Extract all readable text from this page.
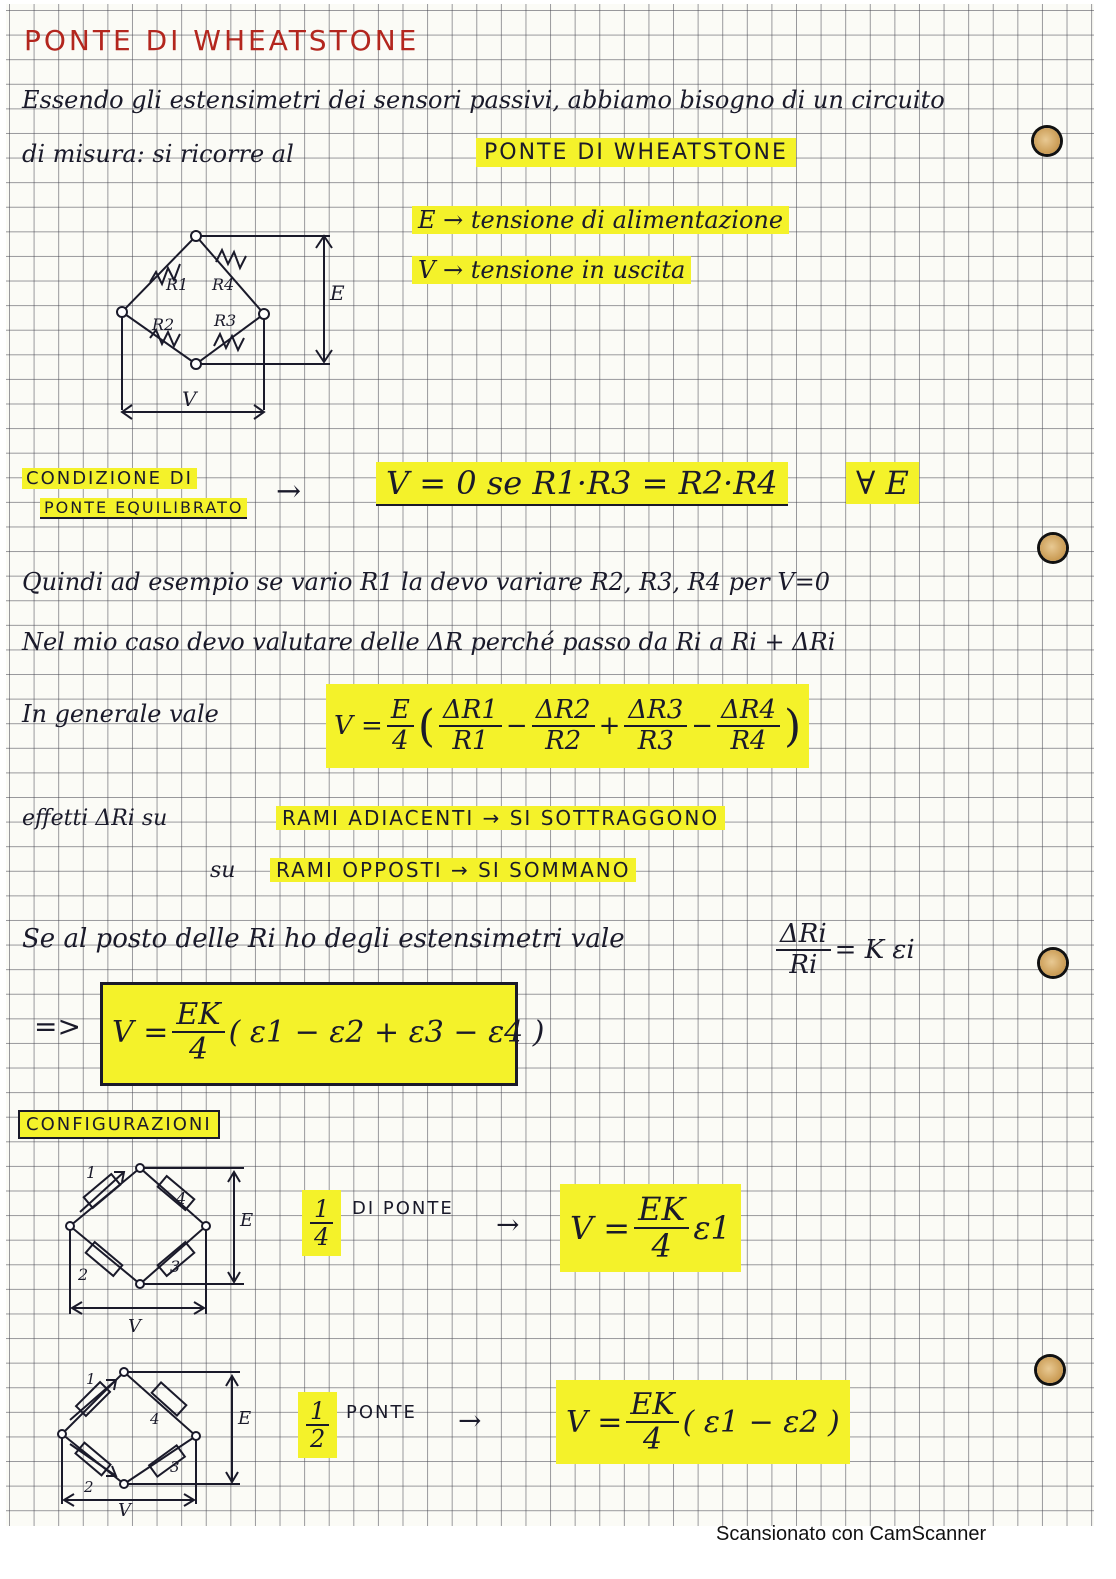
PONTE DI WHEATSTONE
Essendo gli estensimetri dei sensori passivi, abbiamo bisogno di un circuito
di misura: si ricorre al	PONTE DI WHEATSTONE
E → tensione di alimentazione
V → tensione in uscita
R1 R4
R2 R3
E
V
CONDIZIONE DI
PONTE EQUILIBRATO →	V = 0 se R1·R3 = R2·R4	∀ E
Quindi ad esempio se vario R1 la devo variare R2, R3, R4 per V=0
Nel mio caso devo valutare delle ΔR perché passo da Ri a Ri + ΔRi
In generale vale	$V = \frac{E}{4}$ ( $\frac{\Delta R1}{R1} - \frac{\Delta R2}{R2} + \frac{\Delta R3}{R3} - \frac{\Delta R4}{R4}$ )
effetti ΔRi su	RAMI ADIACENTI → SI SOTTRAGGONO
su	RAMI OPPOSTI → SI SOMMANO
Se al posto delle Ri ho degli estensimetri vale	ΔRi
Ri = K εi
=> $V = \frac{EK}{4}$ ( ε1 − ε2 + ε3 − ε4 )
CONFIGURAZIONI
1
4
2	3
E
V
$\frac{1}{4}$ DI PONTE → $V = \frac{EK}{4} \varepsilon 1$
1
4
2
3
E
V
$\frac{1}{2}$ PONTE →	$V = \frac{EK}{4}$ ( ε1 − ε2 )
Scansionato con CamScanner
